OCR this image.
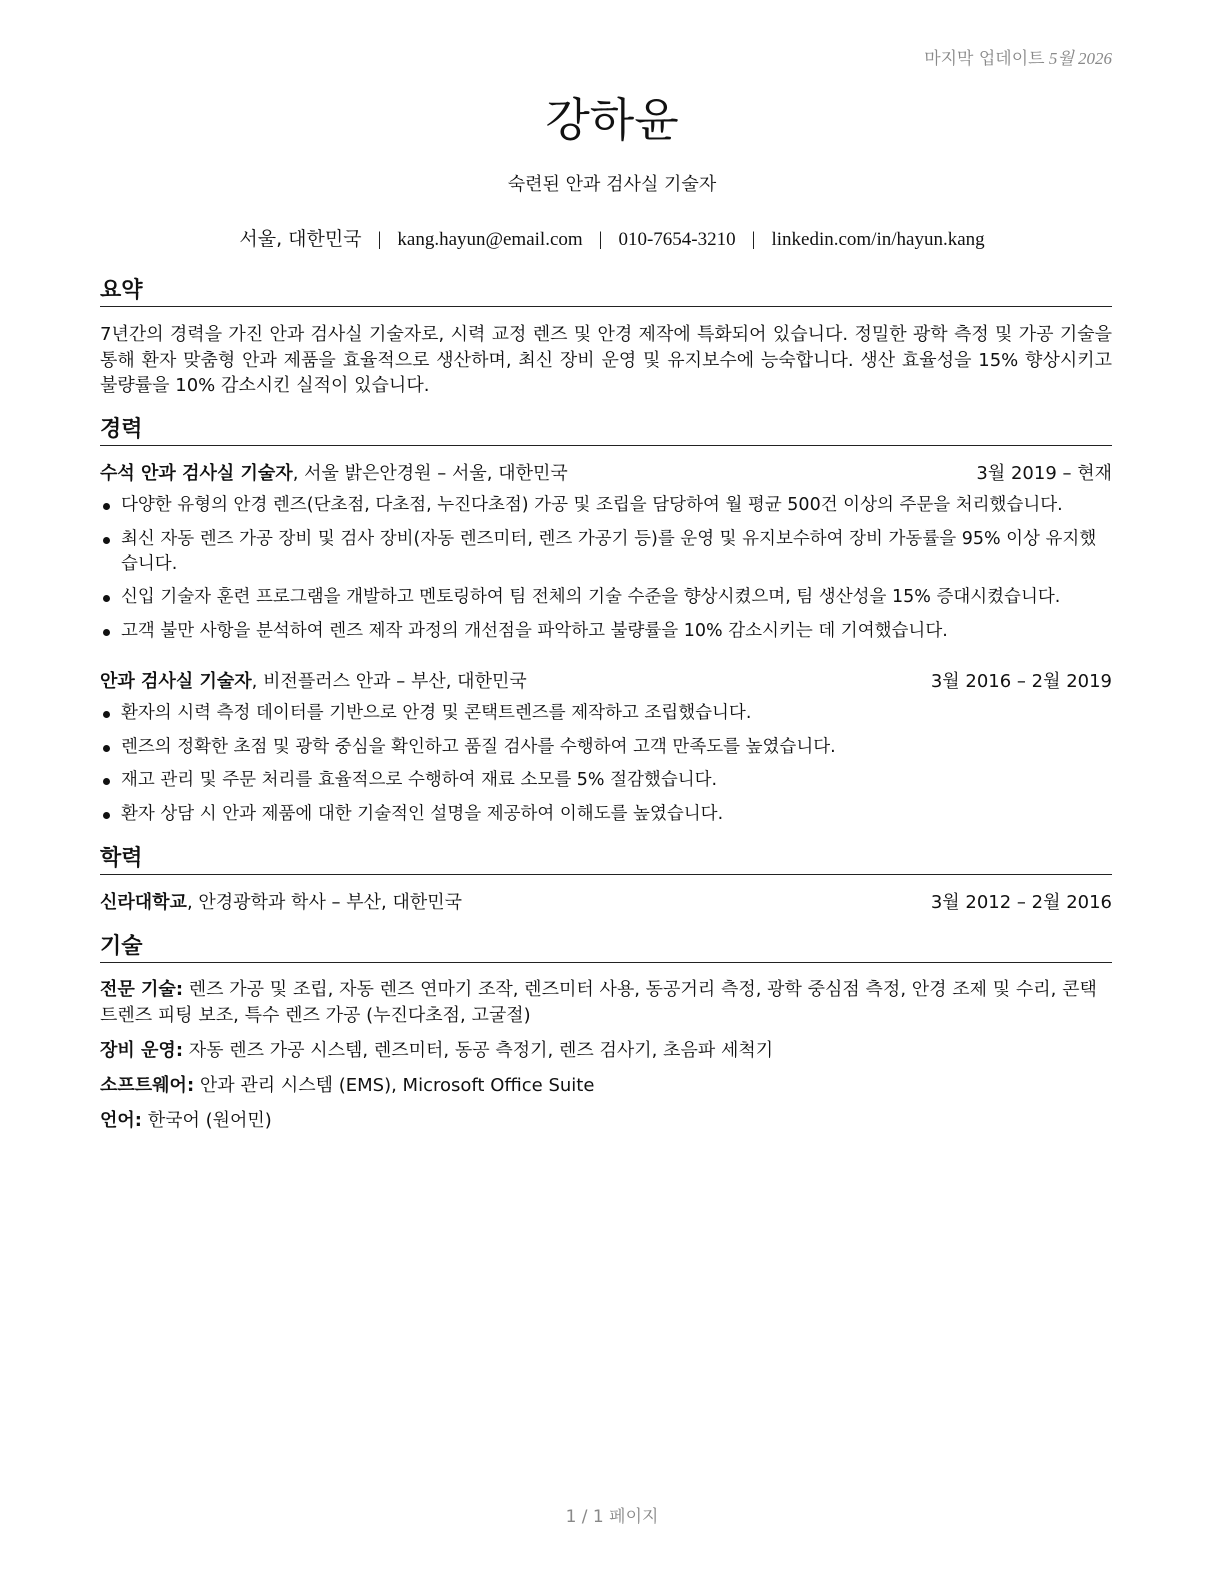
마지막 업데이트 5월 2026
강하윤
숙련된 안과 검사실 기술자
서울, 대한민국 | kang.hayun@email.com | 010-7654-3210 | linkedin.com/in/hayun.kang
요약
7년간의 경력을 가진 안과 검사실 기술자로, 시력 교정 렌즈 및 안경 제작에 특화되어 있습니다. 정밀한 광학 측정 및 가공 기술을 통해 환자 맞춤형 안과 제품을 효율적으로 생산하며, 최신 장비 운영 및 유지보수에 능숙합니다. 생산 효율성을 15% 향상시키고 불량률을 10% 감소시킨 실적이 있습니다.
경력
수석 안과 검사실 기술자, 서울 밝은안경원 – 서울, 대한민국	3월 2019 – 현재
다양한 유형의 안경 렌즈(단초점, 다초점, 누진다초점) 가공 및 조립을 담당하여 월 평균 500건 이상의 주문을 처리했습니다.
최신 자동 렌즈 가공 장비 및 검사 장비(자동 렌즈미터, 렌즈 가공기 등)를 운영 및 유지보수하여 장비 가동률을 95% 이상 유지했습니다.
신입 기술자 훈련 프로그램을 개발하고 멘토링하여 팀 전체의 기술 수준을 향상시켰으며, 팀 생산성을 15% 증대시켰습니다.
고객 불만 사항을 분석하여 렌즈 제작 과정의 개선점을 파악하고 불량률을 10% 감소시키는 데 기여했습니다.
안과 검사실 기술자, 비전플러스 안과 – 부산, 대한민국	3월 2016 – 2월 2019
환자의 시력 측정 데이터를 기반으로 안경 및 콘택트렌즈를 제작하고 조립했습니다.
렌즈의 정확한 초점 및 광학 중심을 확인하고 품질 검사를 수행하여 고객 만족도를 높였습니다.
재고 관리 및 주문 처리를 효율적으로 수행하여 재료 소모를 5% 절감했습니다.
환자 상담 시 안과 제품에 대한 기술적인 설명을 제공하여 이해도를 높였습니다.
학력
신라대학교, 안경광학과 학사 – 부산, 대한민국	3월 2012 – 2월 2016
기술
전문 기술: 렌즈 가공 및 조립, 자동 렌즈 연마기 조작, 렌즈미터 사용, 동공거리 측정, 광학 중심점 측정, 안경 조제 및 수리, 콘택트렌즈 피팅 보조, 특수 렌즈 가공 (누진다초점, 고굴절)
장비 운영: 자동 렌즈 가공 시스템, 렌즈미터, 동공 측정기, 렌즈 검사기, 초음파 세척기
소프트웨어: 안과 관리 시스템 (EMS), Microsoft Office Suite
언어: 한국어 (원어민)
1 / 1 페이지
